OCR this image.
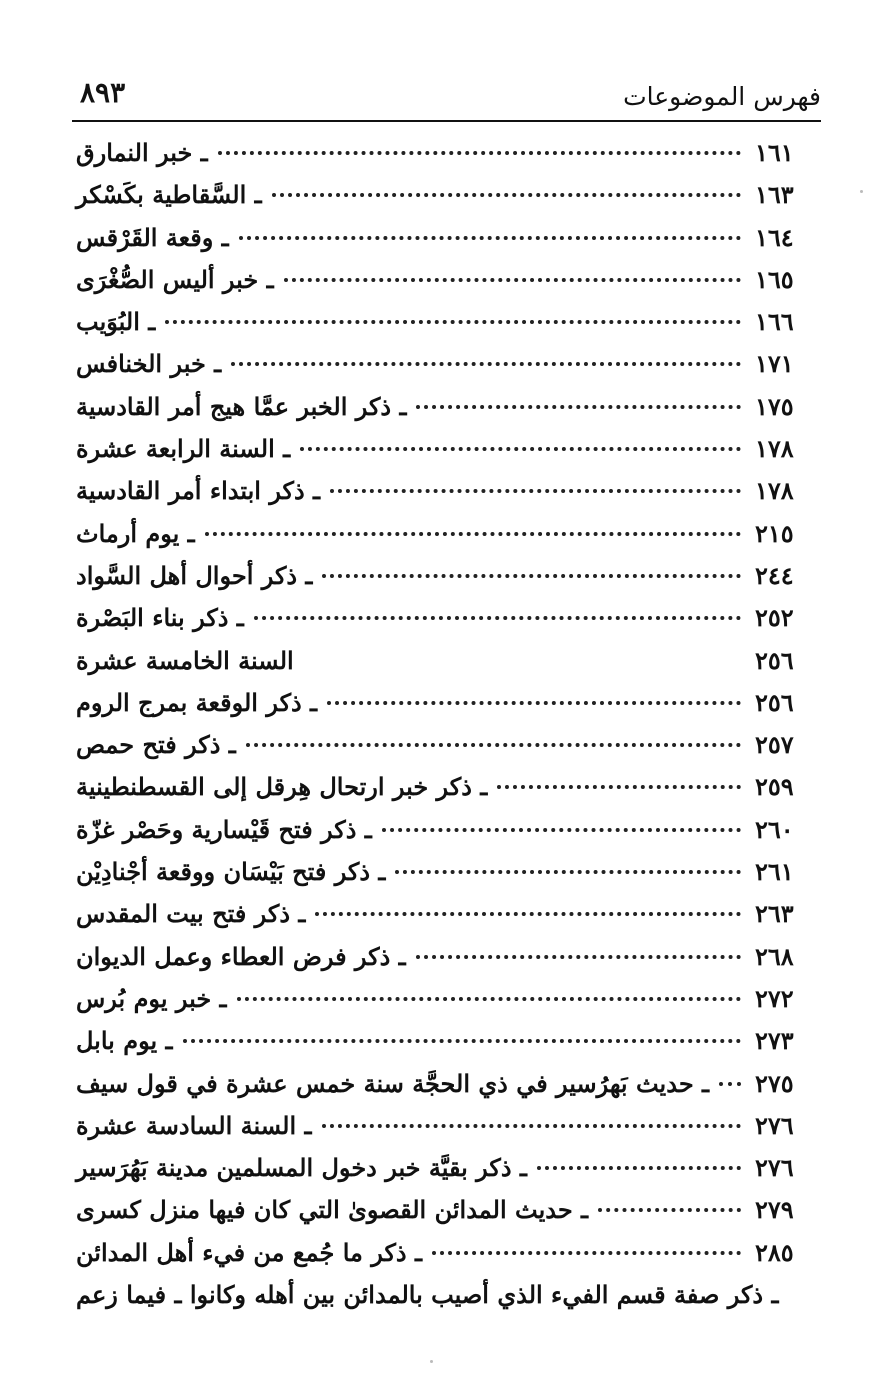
٨٩٣	فهرس الموضوعات
ـ خبر النمارق	١٦١
ـ السَّقاطية بكَسْكر	١٦٣
ـ وقعة القَرْقس	١٦٤
ـ خبر أليس الصُّغْرَى	١٦٥
ـ البُوَيب	١٦٦
ـ خبر الخنافس	١٧١
ـ ذكر الخبر عمَّا هيج أمر القادسية	١٧٥
ـ السنة الرابعة عشرة	١٧٨
ـ ذكر ابتداء أمر القادسية	١٧٨
ـ يوم أرماث	٢١٥
ـ ذكر أحوال أهل السَّواد	٢٤٤
ـ ذكر بناء البَصْرة	٢٥٢
السنة الخامسة عشرة	٢٥٦
ـ ذكر الوقعة بمرج الروم	٢٥٦
ـ ذكر فتح حمص	٢٥٧
ـ ذكر خبر ارتحال هِرقل إلى القسطنطينية	٢٥٩
ـ ذكر فتح قَيْسارية وحَصْر غزّة	٢٦٠
ـ ذكر فتح بَيْسَان ووقعة أجْنادِيْن	٢٦١
ـ ذكر فتح بيت المقدس	٢٦٣
ـ ذكر فرض العطاء وعمل الديوان	٢٦٨
ـ خبر يوم بُرس	٢٧٢
ـ يوم بابل	٢٧٣
ـ حديث بَهرُسير في ذي الحجَّة سنة خمس عشرة في قول سيف ٢٧٥
ـ السنة السادسة عشرة	٢٧٦
ـ ذكر بقيَّة خبر دخول المسلمين مدينة بَهُرَسير	٢٧٦
ـ حديث المدائن القصوىٰ التي كان فيها منزل كسرى	٢٧٩
ـ ذكر ما جُمع من فيء أهل المدائن	٢٨٥
ـ ذكر صفة قسم الفيء الذي أصيب بالمدائن بين أهله وكانوا ـ فيما زعم
